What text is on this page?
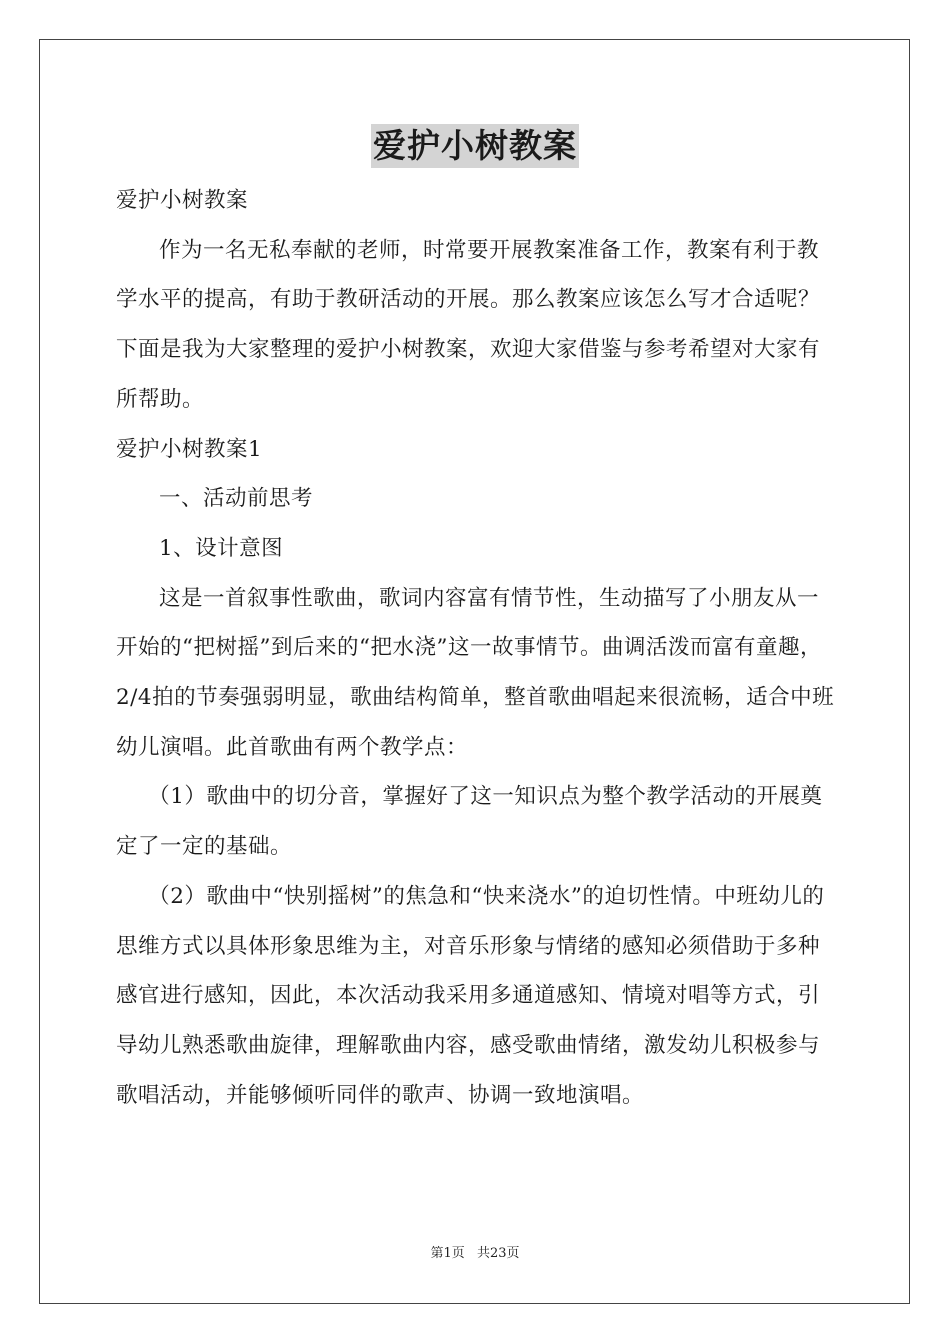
爱护小树教案

爱护小树教案

作为一名无私奉献的老师，时常要开展教案准备工作，教案有利于教学水平的提高，有助于教研活动的开展。那么教案应该怎么写才合适呢？下面是我为大家整理的爱护小树教案，欢迎大家借鉴与参考希望对大家有所帮助。

爱护小树教案1

一、活动前思考

1、设计意图

这是一首叙事性歌曲，歌词内容富有情节性，生动描写了小朋友从一开始的“把树摇”到后来的“把水浇”这一故事情节。曲调活泼而富有童趣，2/4拍的节奏强弱明显，歌曲结构简单，整首歌曲唱起来很流畅，适合中班幼儿演唱。此首歌曲有两个教学点：

（1）歌曲中的切分音，掌握好了这一知识点为整个教学活动的开展奠定了一定的基础。

（2）歌曲中“快别摇树”的焦急和“快来浇水”的迫切性情。中班幼儿的思维方式以具体形象思维为主，对音乐形象与情绪的感知必须借助于多种感官进行感知，因此，本次活动我采用多通道感知、情境对唱等方式，引导幼儿熟悉歌曲旋律，理解歌曲内容，感受歌曲情绪，激发幼儿积极参与歌唱活动，并能够倾听同伴的歌声、协调一致地演唱。

第1页 共23页
